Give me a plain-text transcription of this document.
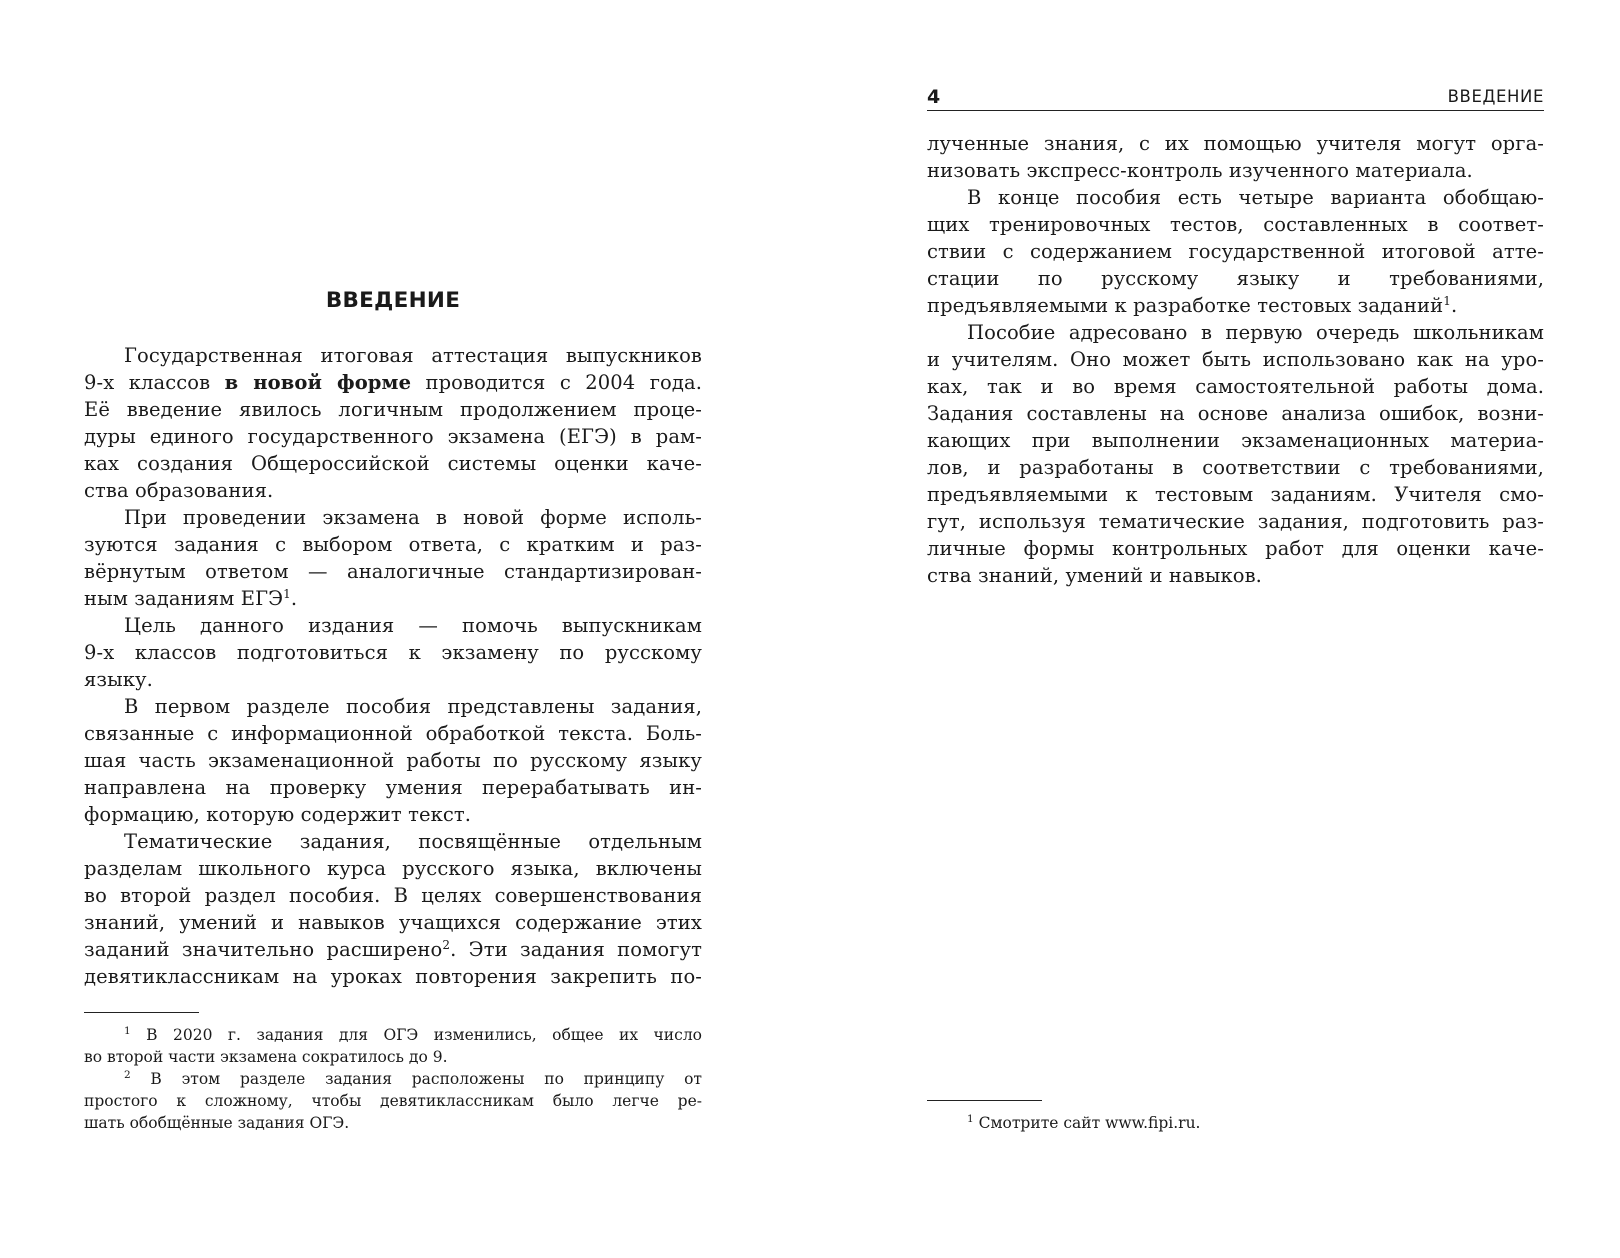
ВВЕДЕНИЕ
Государственная итоговая аттестация выпускников
9-х классов в новой форме проводится с 2004 года.
Её введение явилось логичным продолжением проце-
дуры единого государственного экзамена (ЕГЭ) в рам-
ках создания Общероссийской системы оценки каче-
ства образования.
При проведении экзамена в новой форме исполь-
зуются задания с выбором ответа, с кратким и раз-
вёрнутым ответом — аналогичные стандартизирован-
ным заданиям ЕГЭ$^1$.
Цель данного издания — помочь выпускникам
9-х классов подготовиться к экзамену по русскому
языку.
В первом разделе пособия представлены задания,
связанные с информационной обработкой текста. Боль-
шая часть экзаменационной работы по русскому языку
направлена на проверку умения перерабатывать ин-
формацию, которую содержит текст.
Тематические задания, посвящённые отдельным
разделам школьного курса русского языка, включены
во второй раздел пособия. В целях совершенствования
знаний, умений и навыков учащихся содержание этих
заданий значительно расширено$^2$. Эти задания помогут
девятиклассникам на уроках повторения закрепить по-
$^1$ В 2020 г. задания для ОГЭ изменились, общее их число
во второй части экзамена сократилось до 9.
$^2$ В этом разделе задания расположены по принципу от
простого к сложному, чтобы девятиклассникам было легче ре-
шать обобщённые задания ОГЭ.
4	ВВЕДЕНИЕ
лученные знания, с их помощью учителя могут орга-
низовать экспресс-контроль изученного материала.
В конце пособия есть четыре варианта обобщаю-
щих тренировочных тестов, составленных в соответ-
ствии с содержанием государственной итоговой атте-
стации по русскому языку и требованиями,
предъявляемыми к разработке тестовых заданий$^1$.
Пособие адресовано в первую очередь школьникам
и учителям. Оно может быть использовано как на уро-
ках, так и во время самостоятельной работы дома.
Задания составлены на основе анализа ошибок, возни-
кающих при выполнении экзаменационных материа-
лов, и разработаны в соответствии с требованиями,
предъявляемыми к тестовым заданиям. Учителя смо-
гут, используя тематические задания, подготовить раз-
личные формы контрольных работ для оценки каче-
ства знаний, умений и навыков.
$^1$ Смотрите сайт www.fipi.ru.
